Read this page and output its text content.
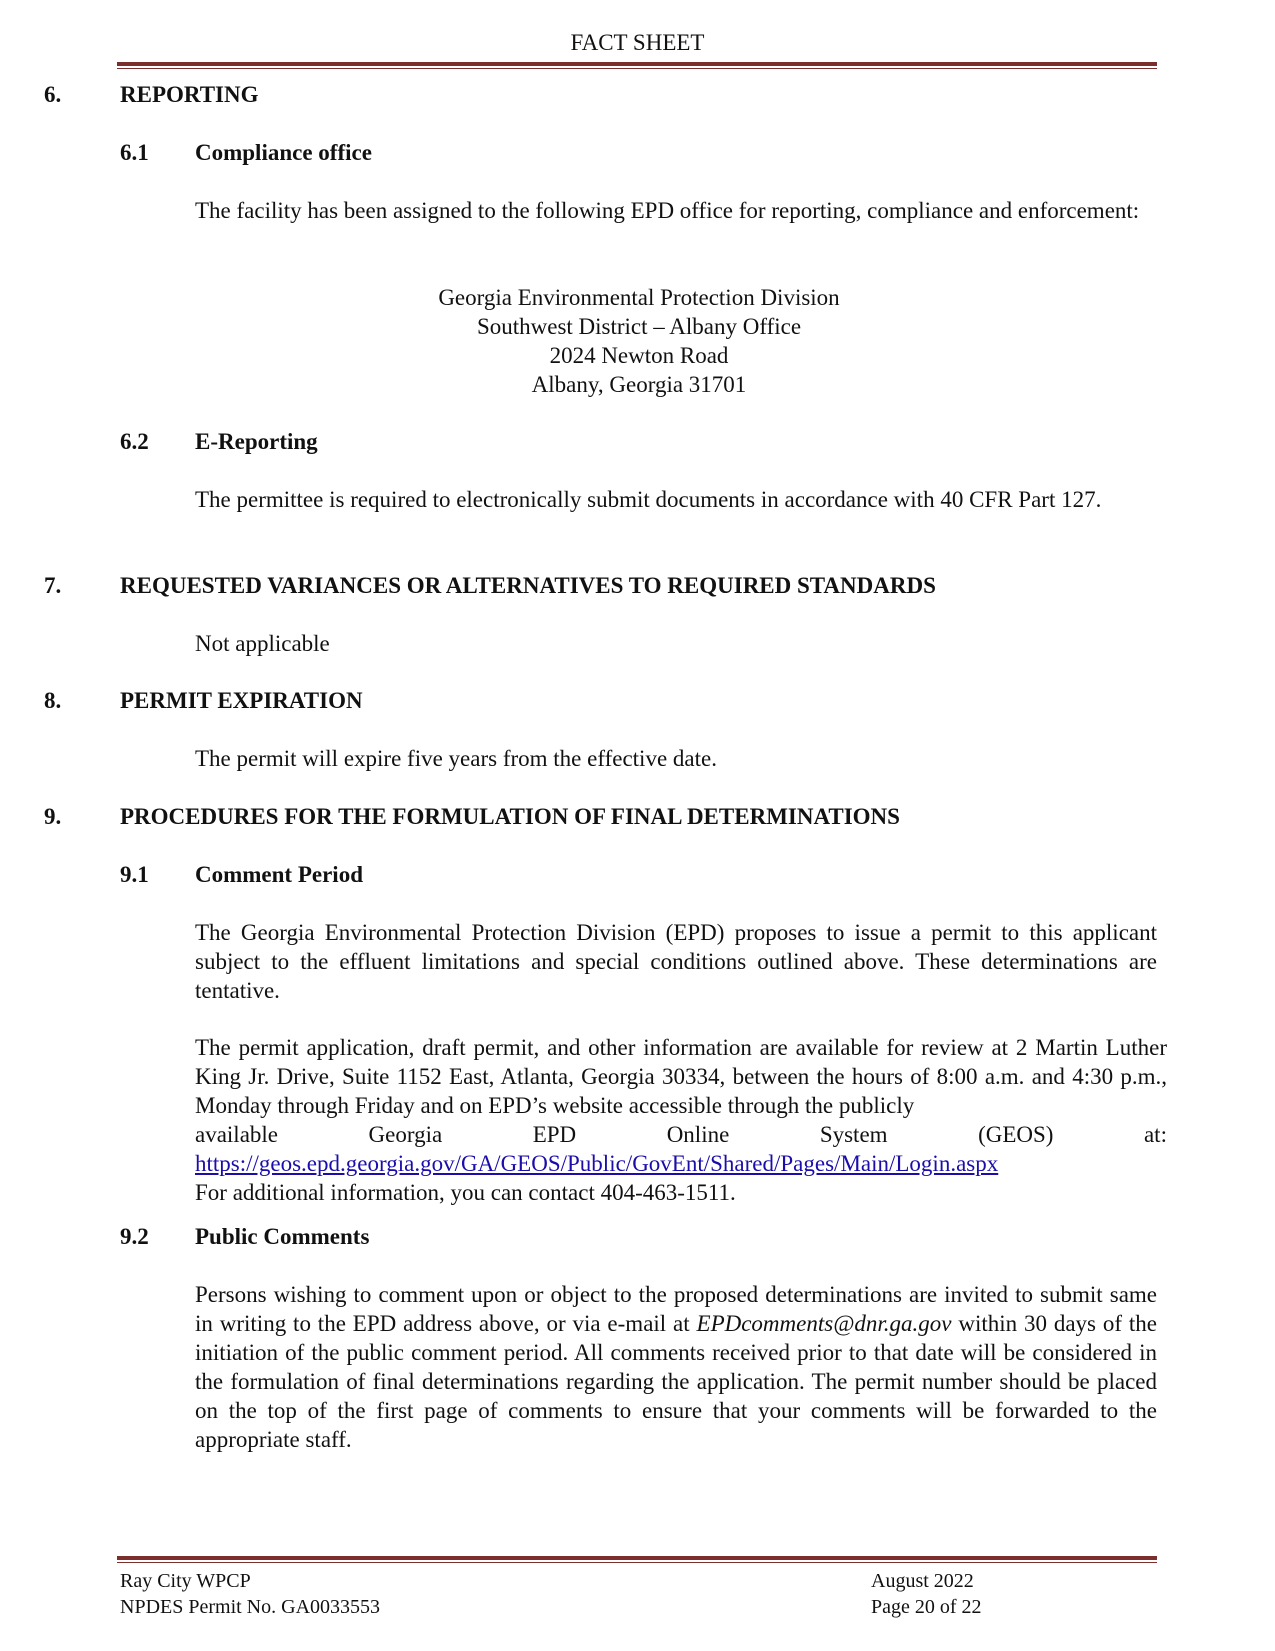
FACT SHEET
6.	REPORTING
6.1 Compliance office

The facility has been assigned to the following EPD office for reporting, compliance and enforcement:

Georgia Environmental Protection Division
Southwest District – Albany Office
2024 Newton Road
Albany, Georgia 31701
6.2 E-Reporting

The permittee is required to electronically submit documents in accordance with 40 CFR Part 127.

7.	REQUESTED VARIANCES OR ALTERNATIVES TO REQUIRED STANDARDS
Not applicable
8.	PERMIT EXPIRATION
The permit will expire five years from the effective date.
9.	PROCEDURES FOR THE FORMULATION OF FINAL DETERMINATIONS
9.1 Comment Period

The Georgia Environmental Protection Division (EPD) proposes to issue a permit to this applicant subject to the effluent limitations and special conditions outlined above. These determinations are tentative.

The permit application, draft permit, and other information are available for review at 2 Martin Luther King Jr. Drive, Suite 1152 East, Atlanta, Georgia 30334, between the hours of 8:00 a.m. and 4:30 p.m., Monday through Friday and on EPD’s website accessible through the publicly

available	Georgia	EPD	Online	System	(GEOS)	at:
https://geos.epd.georgia.gov/GA/GEOS/Public/GovEnt/Shared/Pages/Main/Login.aspx
For additional information, you can contact 404-463-1511.
9.2 Public Comments

Persons wishing to comment upon or object to the proposed determinations are invited to submit same in writing to the EPD address above, or via e-mail at EPDcomments@dnr.ga.gov within 30 days of the initiation of the public comment period. All comments received prior to that date will be considered in the formulation of final determinations regarding the application. The permit number should be placed on the top of the first page of comments to ensure that your comments will be forwarded to the appropriate staff.

Ray City WPCP
NPDES Permit No. GA0033553
August 2022
Page 20 of 22
